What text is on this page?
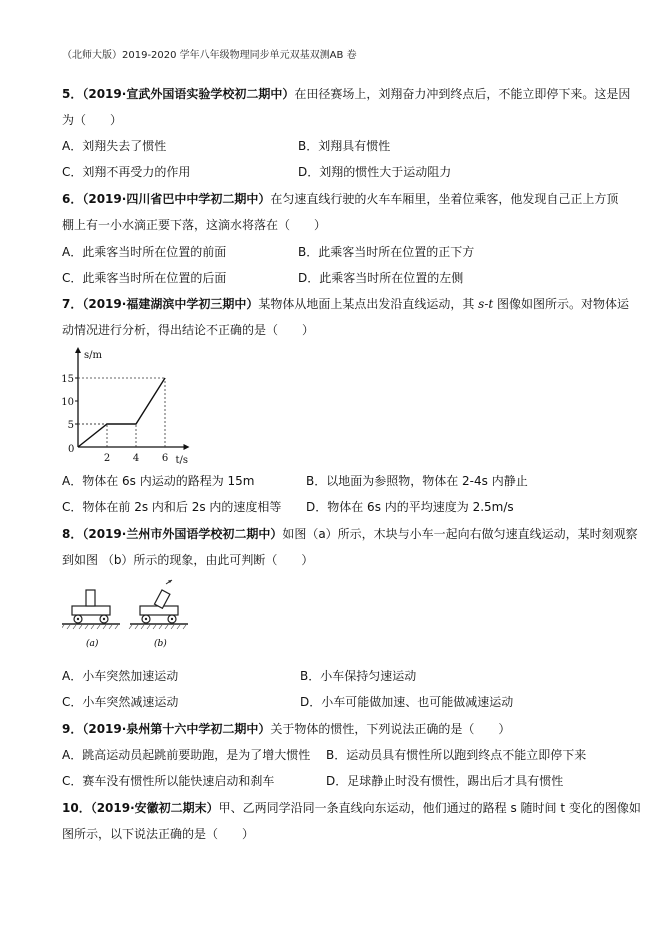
（北师大版）2019-2020 学年八年级物理同步单元双基双测AB 卷
5．（2019·宣武外国语实验学校初二期中）在田径赛场上，刘翔奋力冲到终点后，不能立即停下来。这是因
为（　　）
A．刘翔失去了惯性	B．刘翔具有惯性
C．刘翔不再受力的作用	D．刘翔的惯性大于运动阻力
6．（2019·四川省巴中中学初二期中）在匀速直线行驶的火车车厢里，坐着位乘客，他发现自己正上方顶
棚上有一小水滴正要下落，这滴水将落在（　　）
A．此乘客当时所在位置的前面	B．此乘客当时所在位置的正下方
C．此乘客当时所在位置的后面	D．此乘客当时所在位置的左侧
7．（2019·福建湖滨中学初三期中）某物体从地面上某点出发沿直线运动，其 s-t 图像如图所示。对物体运
动情况进行分析，得出结论不正确的是（　　）
s/m
t/s
0
5
10
15
2 4 6
A．物体在 6s 内运动的路程为 15m	B．以地面为参照物，物体在 2-4s 内静止
C．物体在前 2s 内和后 2s 内的速度相等 D．物体在 6s 内的平均速度为 2.5m/s
8．（2019·兰州市外国语学校初二期中）如图（a）所示，木块与小车一起向右做匀速直线运动，某时刻观察
到如图 （b）所示的现象，由此可判断（　　）
(a)	(b)
A．小车突然加速运动	B．小车保持匀速运动
C．小车突然减速运动	D．小车可能做加速、也可能做减速运动
9．（2019·泉州第十六中学初二期中）关于物体的惯性，下列说法正确的是（　　）
A．跳高运动员起跳前要助跑，是为了增大惯性 B．运动员具有惯性所以跑到终点不能立即停下来
C．赛车没有惯性所以能快速启动和刹车	D．足球静止时没有惯性，踢出后才具有惯性
10．（2019·安徽初二期末）甲、乙两同学沿同一条直线向东运动，他们通过的路程 s 随时间 t 变化的图像如
图所示，以下说法正确的是（　　）
